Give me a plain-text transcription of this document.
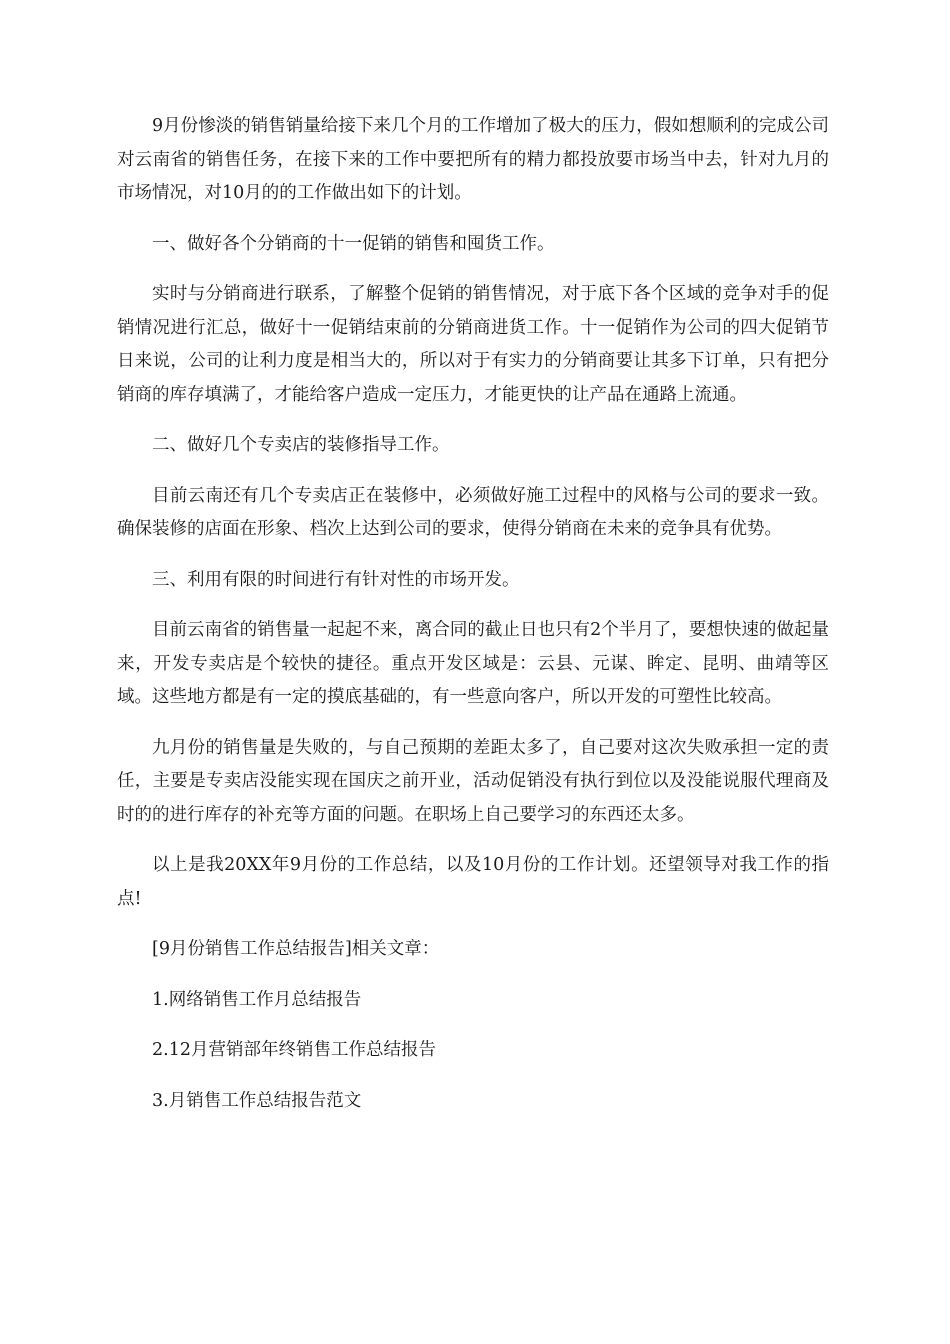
9月份惨淡的销售销量给接下来几个月的工作增加了极大的压力，假如想顺利的完成公司对云南省的销售任务，在接下来的工作中要把所有的精力都投放要市场当中去，针对九月的市场情况，对10月的的工作做出如下的计划。

一、做好各个分销商的十一促销的销售和囤货工作。

实时与分销商进行联系，了解整个促销的销售情况，对于底下各个区域的竞争对手的促销情况进行汇总，做好十一促销结束前的分销商进货工作。十一促销作为公司的四大促销节日来说，公司的让利力度是相当大的，所以对于有实力的分销商要让其多下订单，只有把分销商的库存填满了，才能给客户造成一定压力，才能更快的让产品在通路上流通。

二、做好几个专卖店的装修指导工作。

目前云南还有几个专卖店正在装修中，必须做好施工过程中的风格与公司的要求一致。确保装修的店面在形象、档次上达到公司的要求，使得分销商在未来的竞争具有优势。

三、利用有限的时间进行有针对性的市场开发。

目前云南省的销售量一起起不来，离合同的截止日也只有2个半月了，要想快速的做起量来，开发专卖店是个较快的捷径。重点开发区域是：云县、元谋、眸定、昆明、曲靖等区域。这些地方都是有一定的摸底基础的，有一些意向客户，所以开发的可塑性比较高。

九月份的销售量是失败的，与自己预期的差距太多了，自己要对这次失败承担一定的责任，主要是专卖店没能实现在国庆之前开业，活动促销没有执行到位以及没能说服代理商及时的的进行库存的补充等方面的问题。在职场上自己要学习的东西还太多。

以上是我20XX年9月份的工作总结，以及10月份的工作计划。还望领导对我工作的指点!

[9月份销售工作总结报告]相关文章：

1.网络销售工作月总结报告

2.12月营销部年终销售工作总结报告

3.月销售工作总结报告范文
